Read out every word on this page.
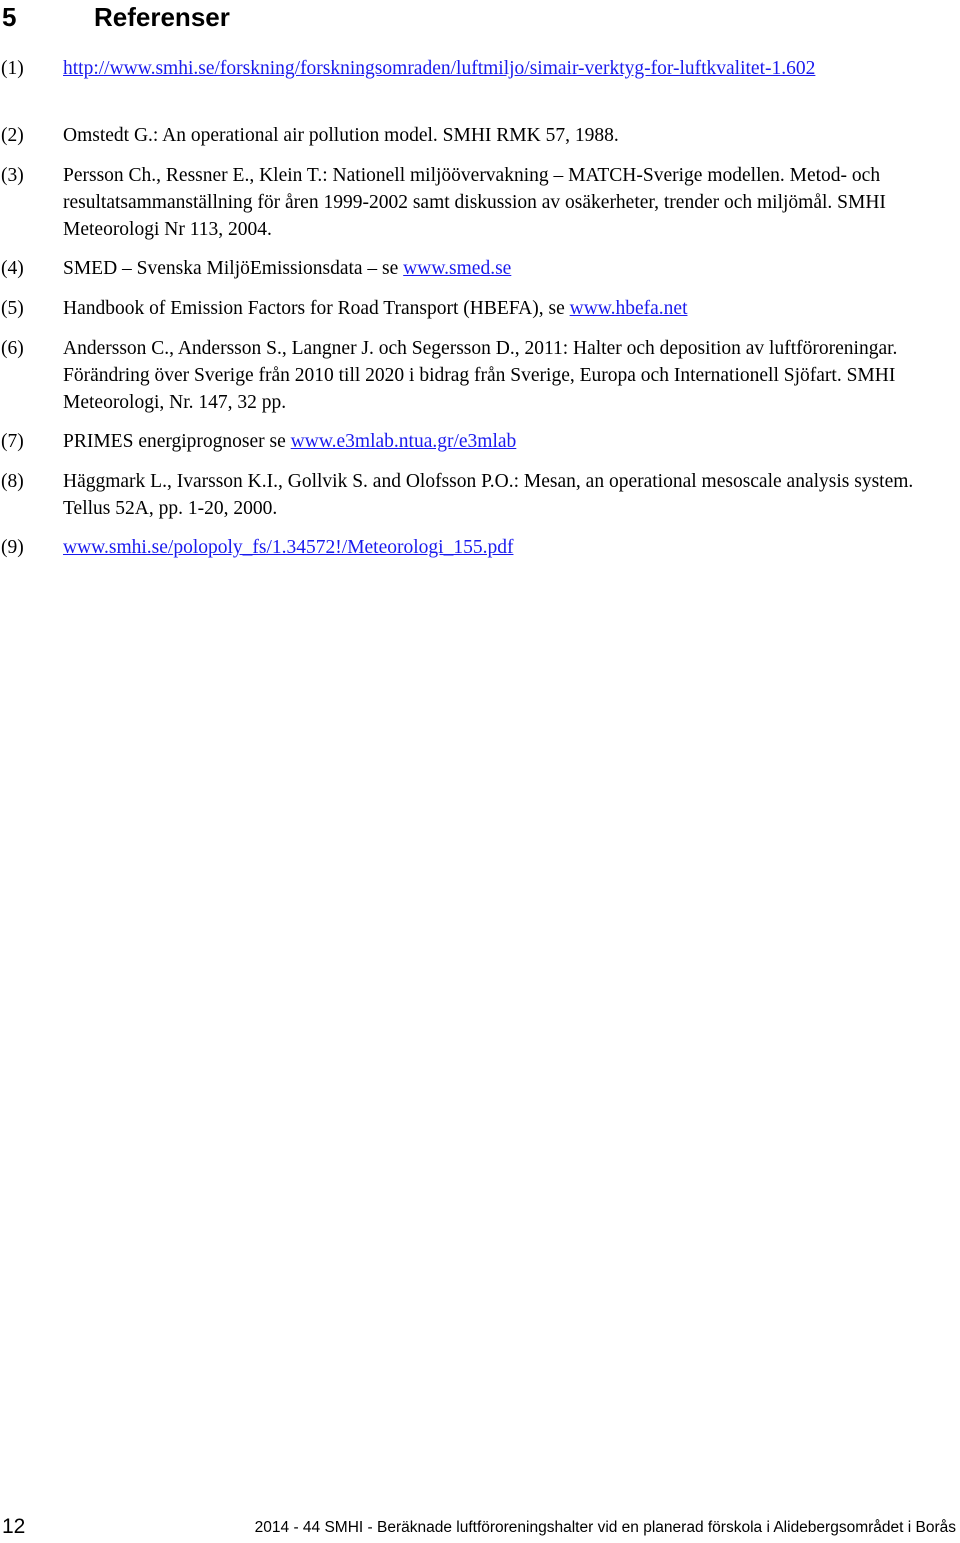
5	Referenser
(1)	http://www.smhi.se/forskning/forskningsomraden/luftmiljo/simair-verktyg-for-luftkvalitet-1.602
(2)	Omstedt G.: An operational air pollution model. SMHI RMK 57, 1988.
(3)	Persson Ch., Ressner E., Klein T.: Nationell miljöövervakning – MATCH-Sverige modellen. Metod- och resultatsammanställning för åren 1999-2002 samt diskussion av osäkerheter, trender och miljömål. SMHI Meteorologi Nr 113, 2004.
(4)	SMED – Svenska MiljöEmissionsdata – se www.smed.se
(5)	Handbook of Emission Factors for Road Transport (HBEFA), se www.hbefa.net
(6)	Andersson C., Andersson S., Langner J. och Segersson D., 2011: Halter och deposition av luftföroreningar. Förändring över Sverige från 2010 till 2020 i bidrag från Sverige, Europa och Internationell Sjöfart. SMHI Meteorologi, Nr. 147, 32 pp.
(7)	PRIMES energiprognoser se www.e3mlab.ntua.gr/e3mlab
(8)	Häggmark L., Ivarsson K.I., Gollvik S. and Olofsson P.O.: Mesan, an operational mesoscale analysis system. Tellus 52A, pp. 1-20, 2000.
(9)	www.smhi.se/polopoly_fs/1.34572!/Meteorologi_155.pdf
12	2014 - 44 SMHI - Beräknade luftföroreningshalter vid en planerad förskola i Alidebergsområdet i Borås
